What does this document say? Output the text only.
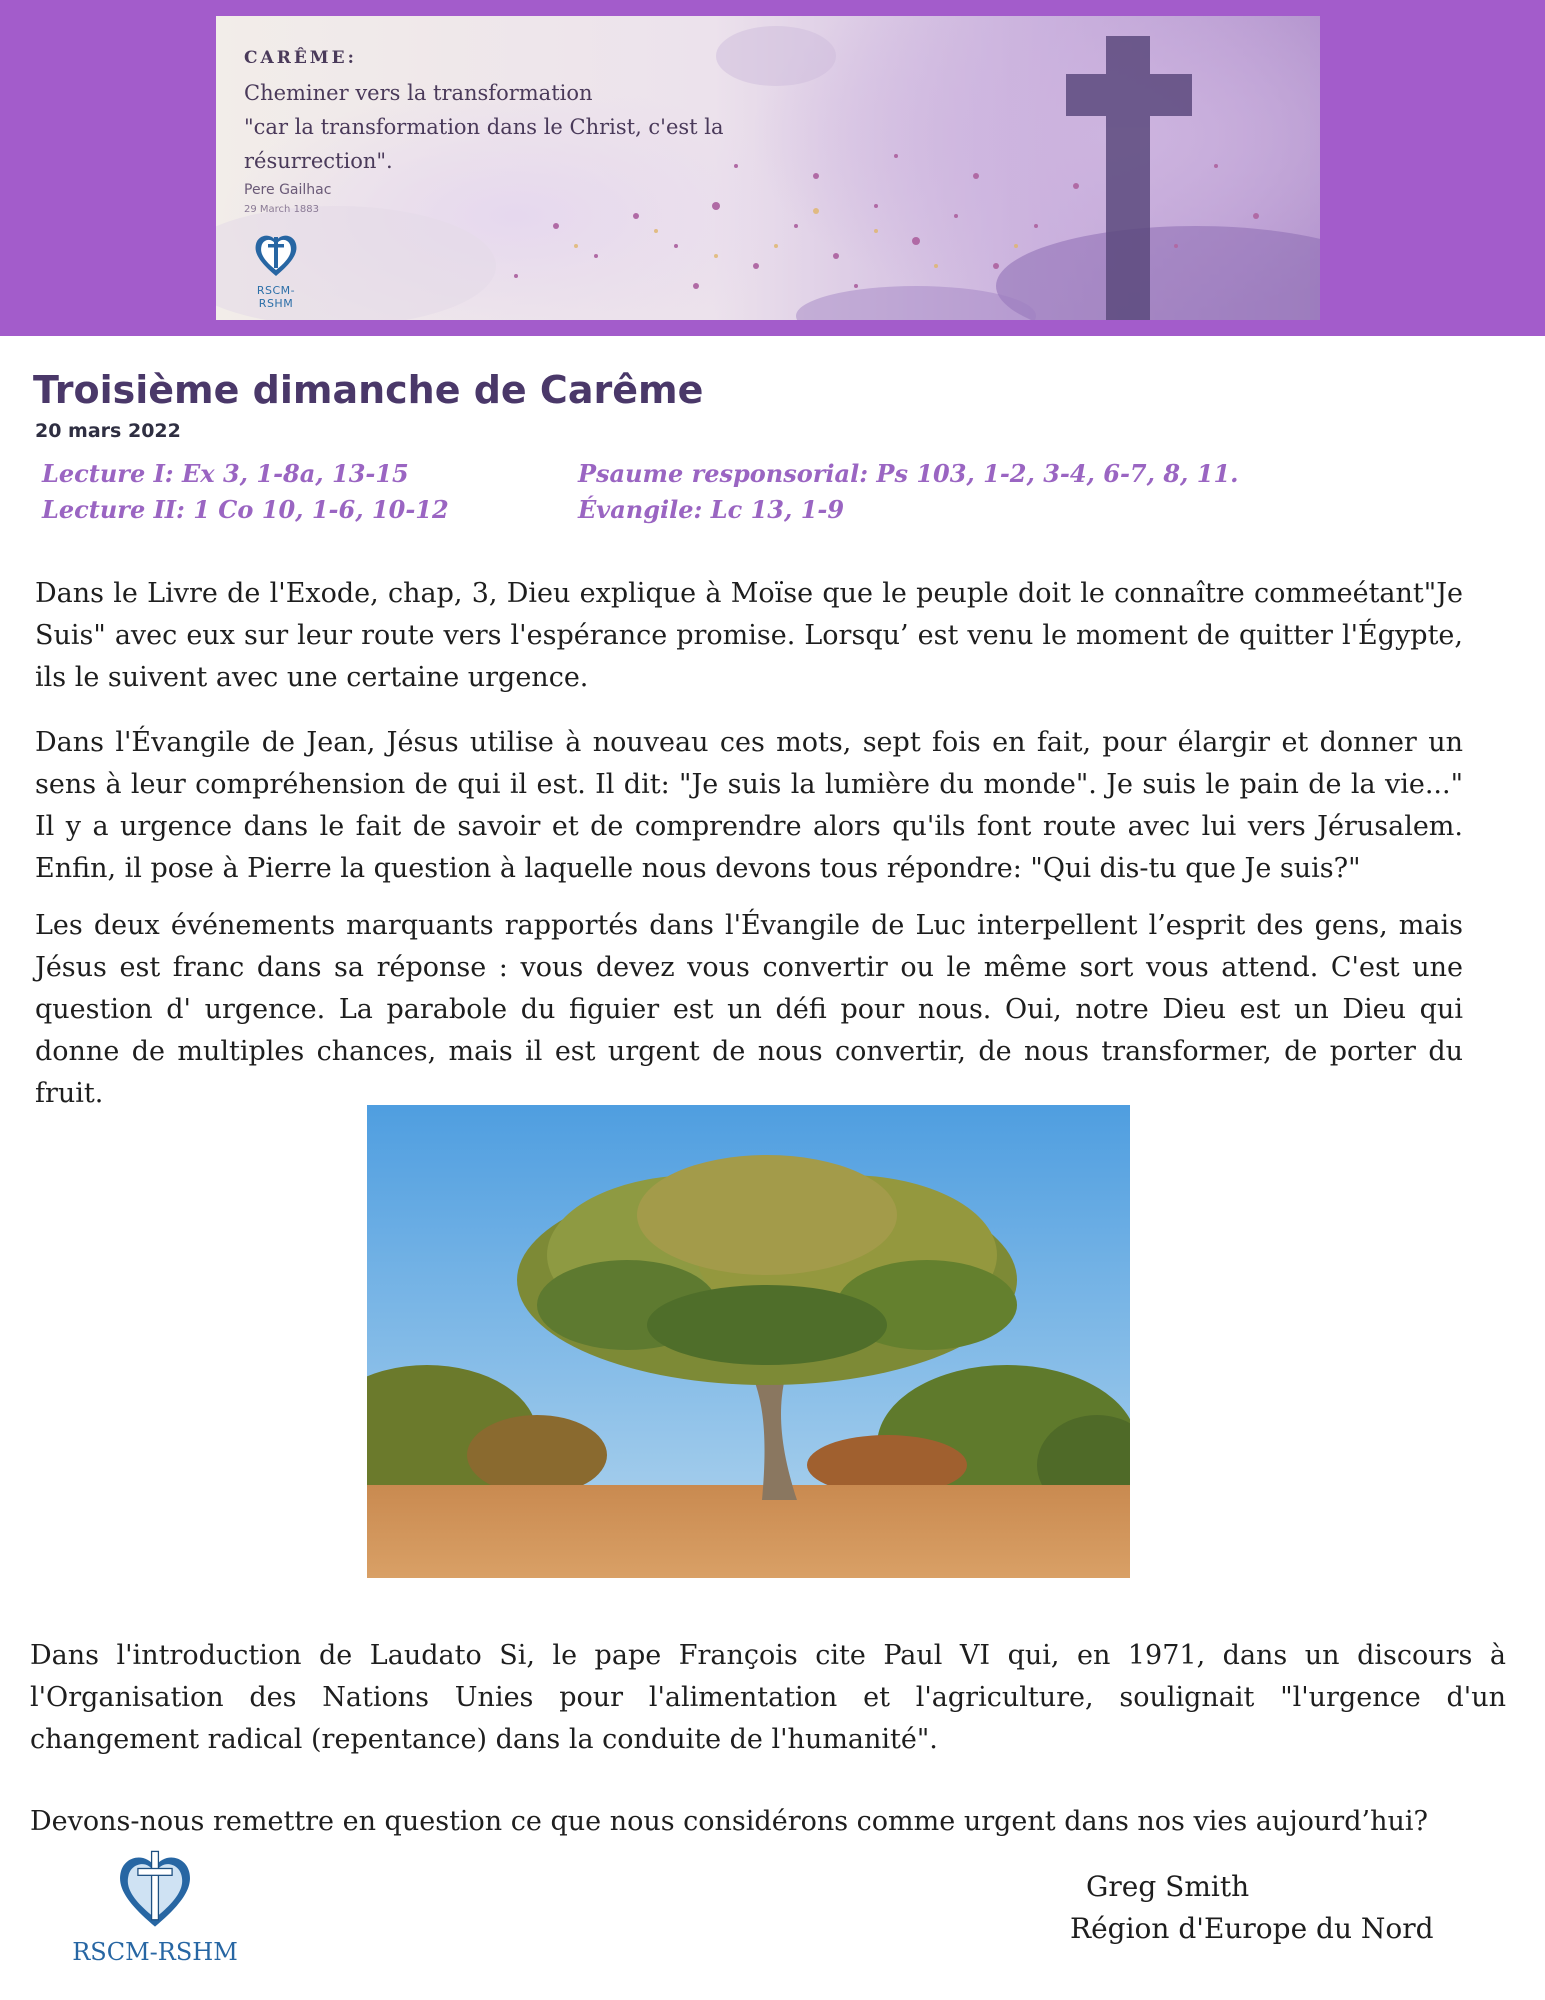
CARÊME:
Cheminer vers la transformation
"car la transformation dans le Christ, c'est la
résurrection".
Pere Gailhac
29 March 1883
RSCM-RSHM
Troisième dimanche de Carême
20 mars 2022
Lecture I: Ex 3, 1-8a, 13-15
Lecture II: 1 Co 10, 1-6, 10-12
Psaume responsorial: Ps 103, 1-2, 3-4, 6-7, 8, 11.
Évangile: Lc 13, 1-9

Dans le Livre de l'Exode, chap, 3, Dieu explique à Moïse que le peuple doit le connaître commeétant"Je Suis" avec eux sur leur route vers l'espérance promise. Lorsqu’ est venu le moment de quitter l'Égypte, ils le suivent avec une certaine urgence.

Dans l'Évangile de Jean, Jésus utilise à nouveau ces mots, sept fois en fait, pour élargir et donner un sens à leur compréhension de qui il est. Il dit: "Je suis la lumière du monde". Je suis le pain de la vie..." Il y a urgence dans le fait de savoir et de comprendre alors qu'ils font route avec lui vers Jérusalem. Enfin, il pose à Pierre la question à laquelle nous devons tous répondre: "Qui dis-tu que Je suis?"

Les deux événements marquants rapportés dans l'Évangile de Luc interpellent l’esprit des gens, mais Jésus est franc dans sa réponse : vous devez vous convertir ou le même sort vous attend. C'est une question d' urgence. La parabole du figuier est un défi pour nous. Oui, notre Dieu est un Dieu qui donne de multiples chances, mais il est urgent de nous convertir, de nous transformer, de porter du fruit.

Dans l'introduction de Laudato Si, le pape François cite Paul VI qui, en 1971, dans un discours à l'Organisation des Nations Unies pour l'alimentation et l'agriculture, soulignait "l'urgence d'un changement radical (repentance) dans la conduite de l'humanité".

Devons-nous remettre en question ce que nous considérons comme urgent dans nos vies aujourd’hui?

RSCM-RSHM
Greg Smith
Région d'Europe du Nord
